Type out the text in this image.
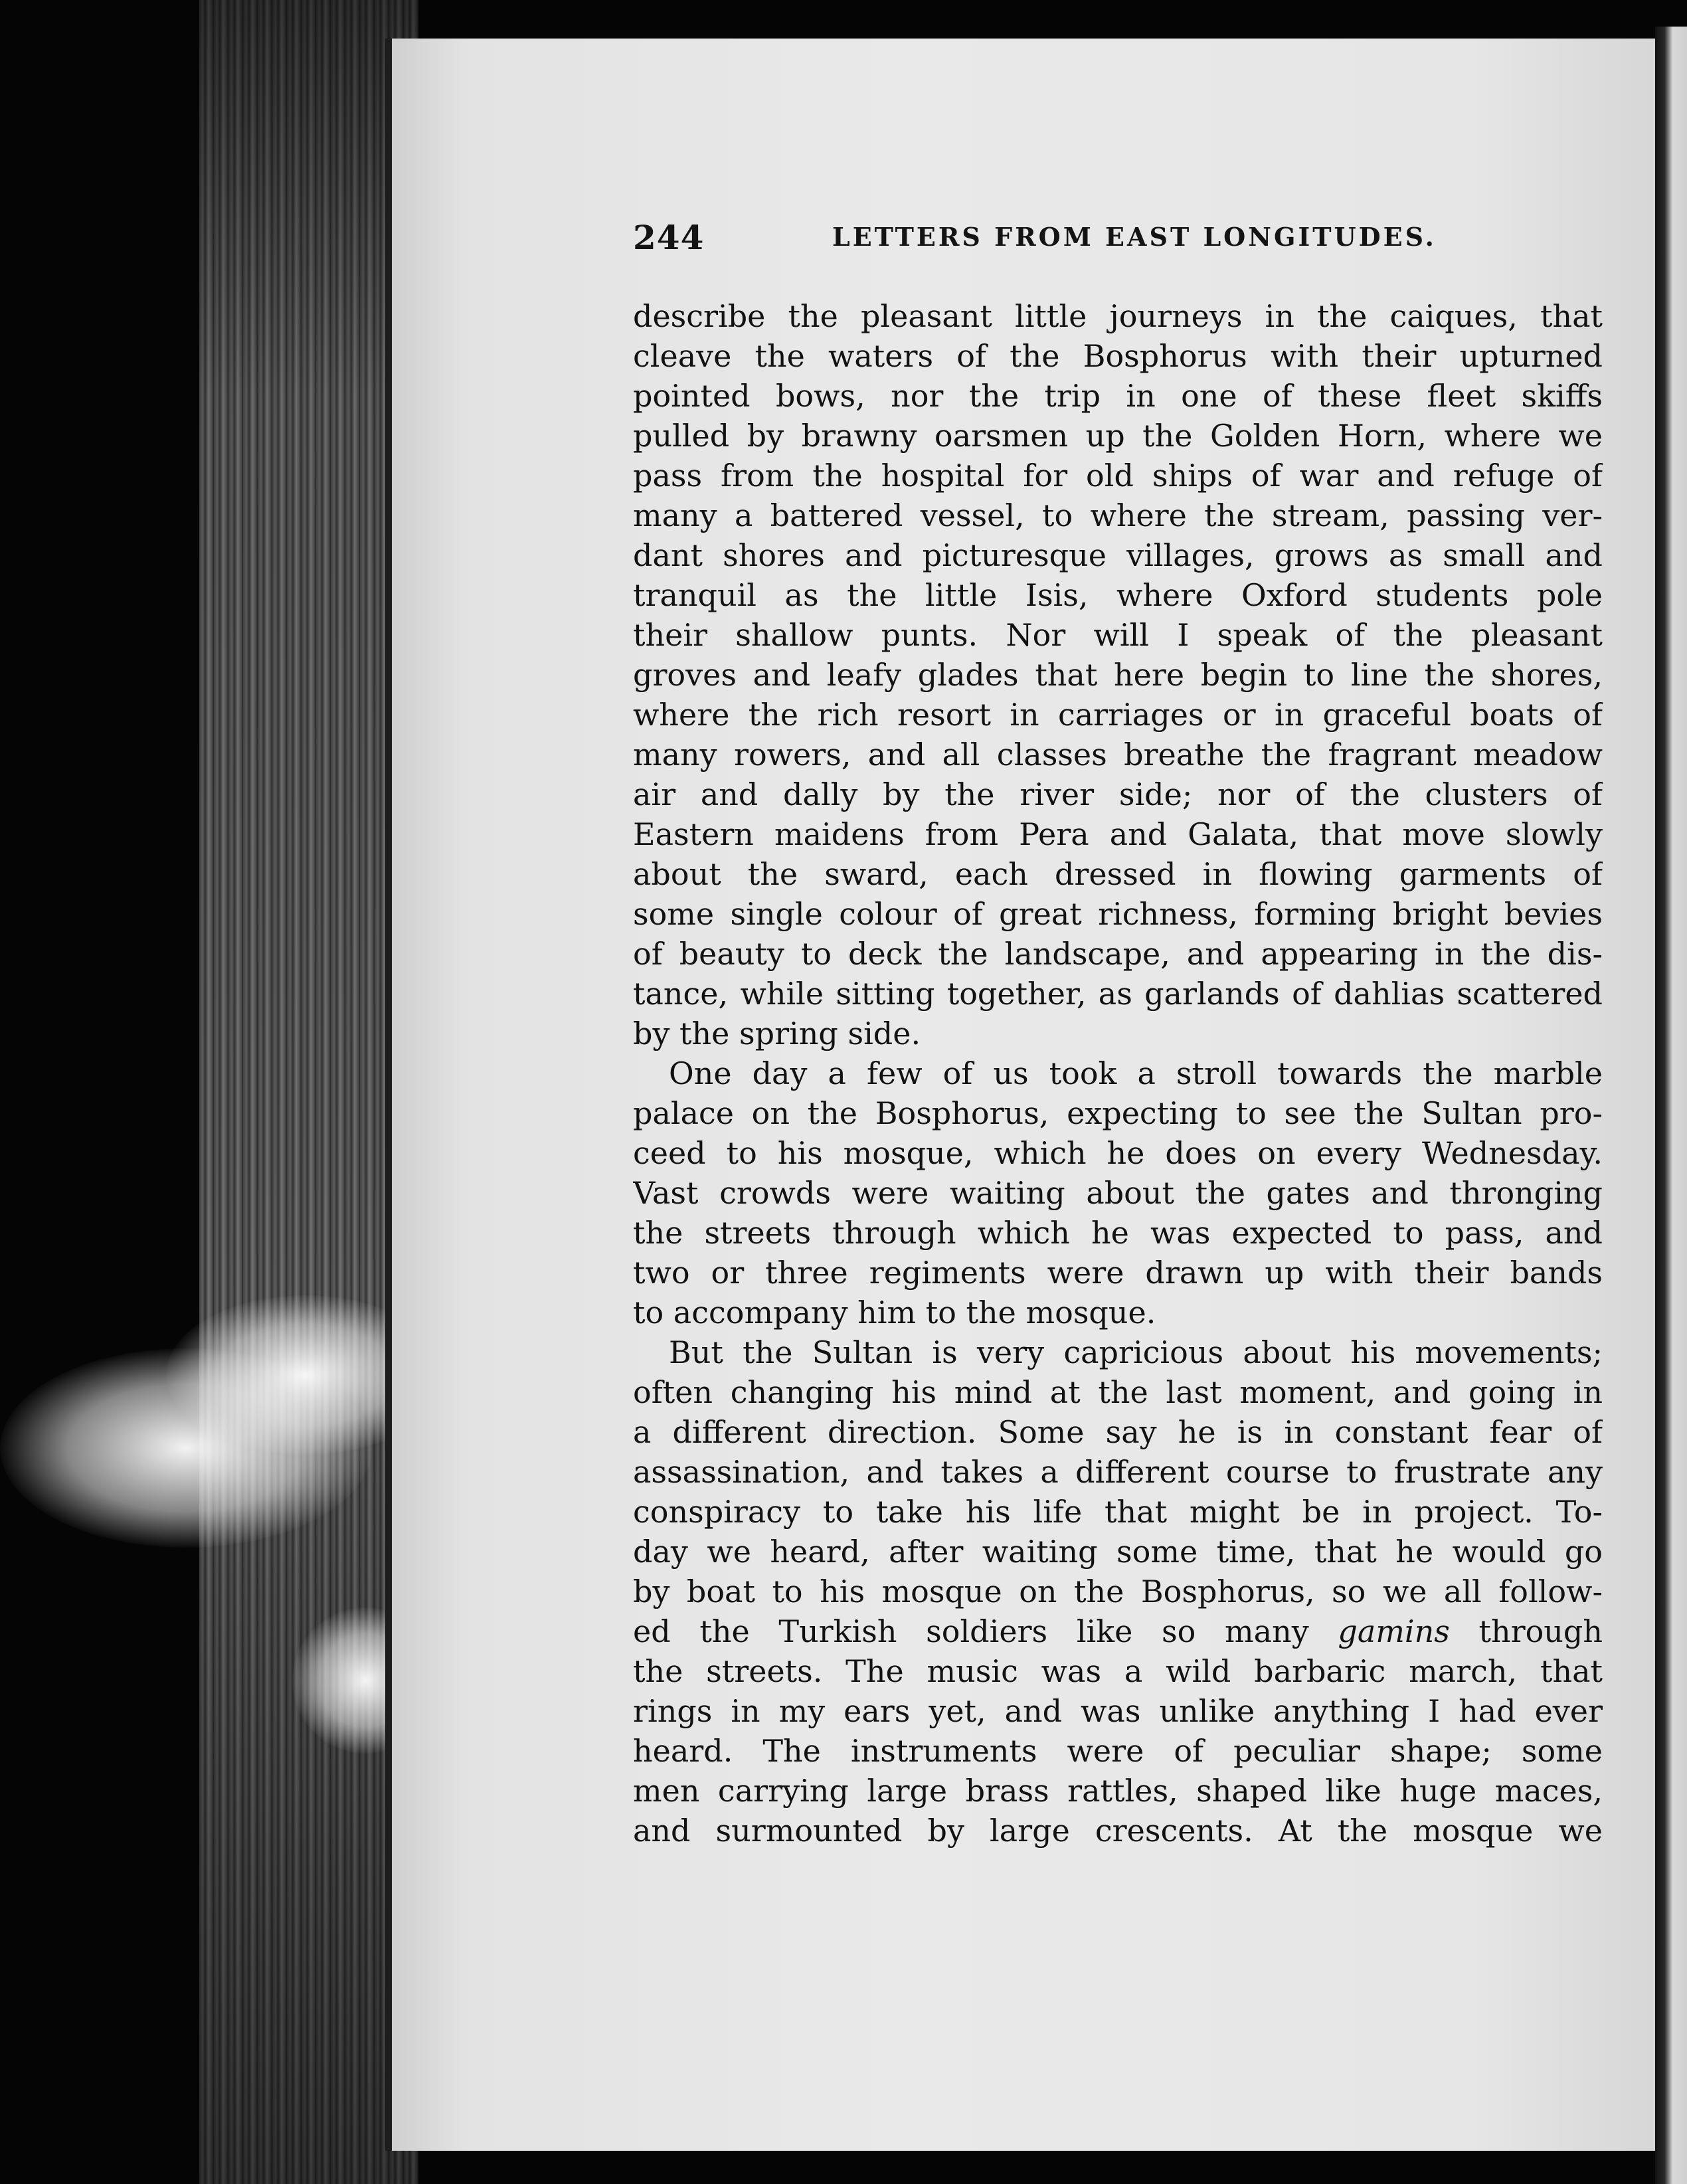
244	LETTERS FROM EAST LONGITUDES.
describe the pleasant little journeys in the caiques, that
cleave the waters of the Bosphorus with their upturned
pointed bows, nor the trip in one of these fleet skiffs
pulled by brawny oarsmen up the Golden Horn, where we
pass from the hospital for old ships of war and refuge of
many a battered vessel, to where the stream, passing ver-
dant shores and picturesque villages, grows as small and
tranquil as the little Isis, where Oxford students pole
their shallow punts. Nor will I speak of the pleasant
groves and leafy glades that here begin to line the shores,
where the rich resort in carriages or in graceful boats of
many rowers, and all classes breathe the fragrant meadow
air and dally by the river side; nor of the clusters of
Eastern maidens from Pera and Galata, that move slowly
about the sward, each dressed in flowing garments of
some single colour of great richness, forming bright bevies
of beauty to deck the landscape, and appearing in the dis-
tance, while sitting together, as garlands of dahlias scattered
by the spring side.
One day a few of us took a stroll towards the marble
palace on the Bosphorus, expecting to see the Sultan pro-
ceed to his mosque, which he does on every Wednesday.
Vast crowds were waiting about the gates and thronging
the streets through which he was expected to pass, and
two or three regiments were drawn up with their bands
to accompany him to the mosque.
But the Sultan is very capricious about his movements;
often changing his mind at the last moment, and going in
a different direction. Some say he is in constant fear of
assassination, and takes a different course to frustrate any
conspiracy to take his life that might be in project. To-
day we heard, after waiting some time, that he would go
by boat to his mosque on the Bosphorus, so we all follow-
ed the Turkish soldiers like so many gamins through
the streets. The music was a wild barbaric march, that
rings in my ears yet, and was unlike anything I had ever
heard. The instruments were of peculiar shape; some
men carrying large brass rattles, shaped like huge maces,
and surmounted by large crescents. At the mosque we
